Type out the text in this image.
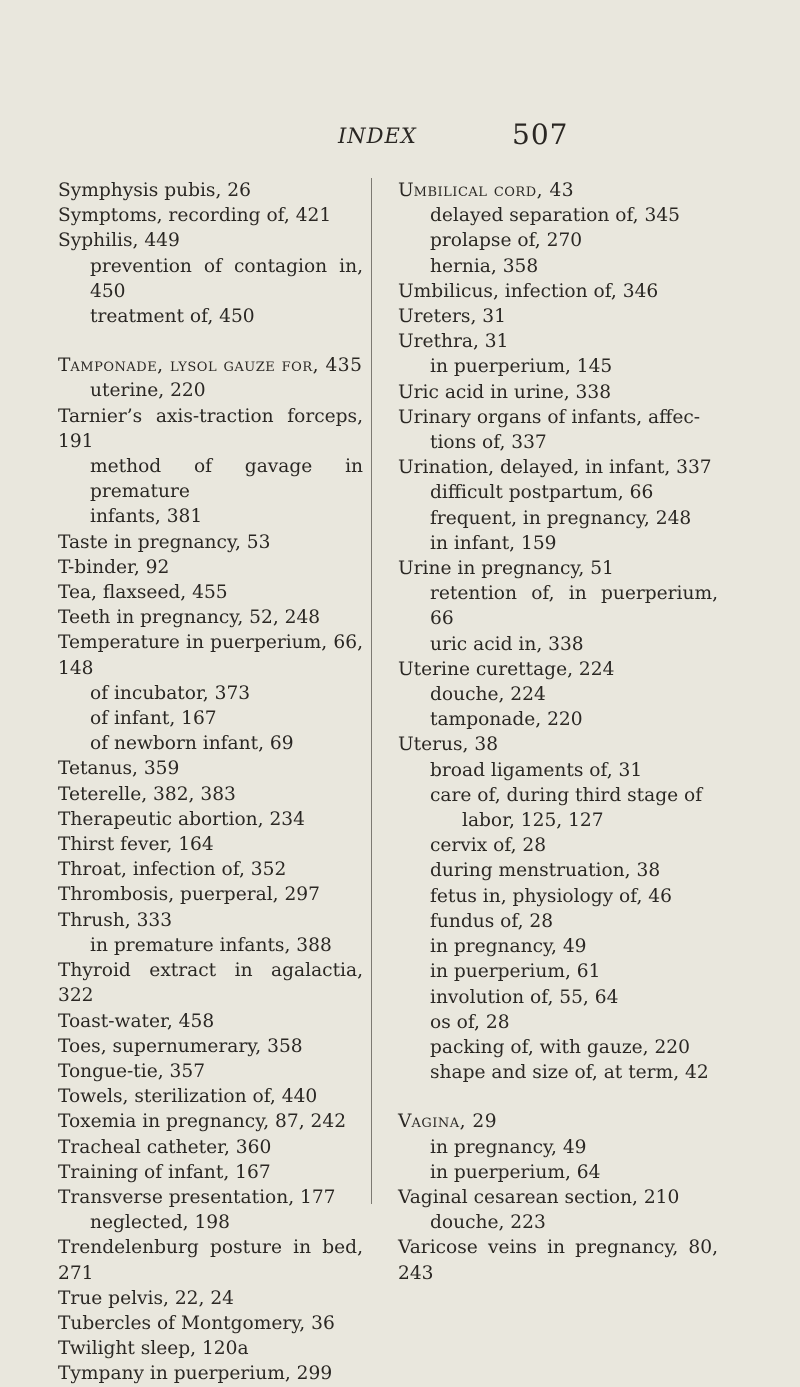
INDEX	507
Symphysis pubis, 26
Symptoms, recording of, 421
Syphilis, 449
prevention of contagion in, 450
treatment of, 450
Tamponade, lysol gauze for, 435
uterine, 220
Tarnier’s axis-traction forceps, 191
method of gavage in premature
infants, 381
Taste in pregnancy, 53
T-binder, 92
Tea, flaxseed, 455
Teeth in pregnancy, 52, 248
Temperature in puerperium, 66, 148
of incubator, 373
of infant, 167
of newborn infant, 69
Tetanus, 359
Teterelle, 382, 383
Therapeutic abortion, 234
Thirst fever, 164
Throat, infection of, 352
Thrombosis, puerperal, 297
Thrush, 333
in premature infants, 388
Thyroid extract in agalactia, 322
Toast-water, 458
Toes, supernumerary, 358
Tongue-tie, 357
Towels, sterilization of, 440
Toxemia in pregnancy, 87, 242
Tracheal catheter, 360
Training of infant, 167
Transverse presentation, 177
neglected, 198
Trendelenburg posture in bed, 271
True pelvis, 22, 24
Tubercles of Montgomery, 36
Twilight sleep, 120a
Tympany in puerperium, 299
Umbilical cord, 43
delayed separation of, 345
prolapse of, 270
hernia, 358
Umbilicus, infection of, 346
Ureters, 31
Urethra, 31
in puerperium, 145
Uric acid in urine, 338
Urinary organs of infants, affec-
tions of, 337
Urination, delayed, in infant, 337
difficult postpartum, 66
frequent, in pregnancy, 248
in infant, 159
Urine in pregnancy, 51
retention of, in puerperium, 66
uric acid in, 338
Uterine curettage, 224
douche, 224
tamponade, 220
Uterus, 38
broad ligaments of, 31
care of, during third stage of
labor, 125, 127
cervix of, 28
during menstruation, 38
fetus in, physiology of, 46
fundus of, 28
in pregnancy, 49
in puerperium, 61
involution of, 55, 64
os of, 28
packing of, with gauze, 220
shape and size of, at term, 42
Vagina, 29
in pregnancy, 49
in puerperium, 64
Vaginal cesarean section, 210
douche, 223
Varicose veins in pregnancy, 80, 243
